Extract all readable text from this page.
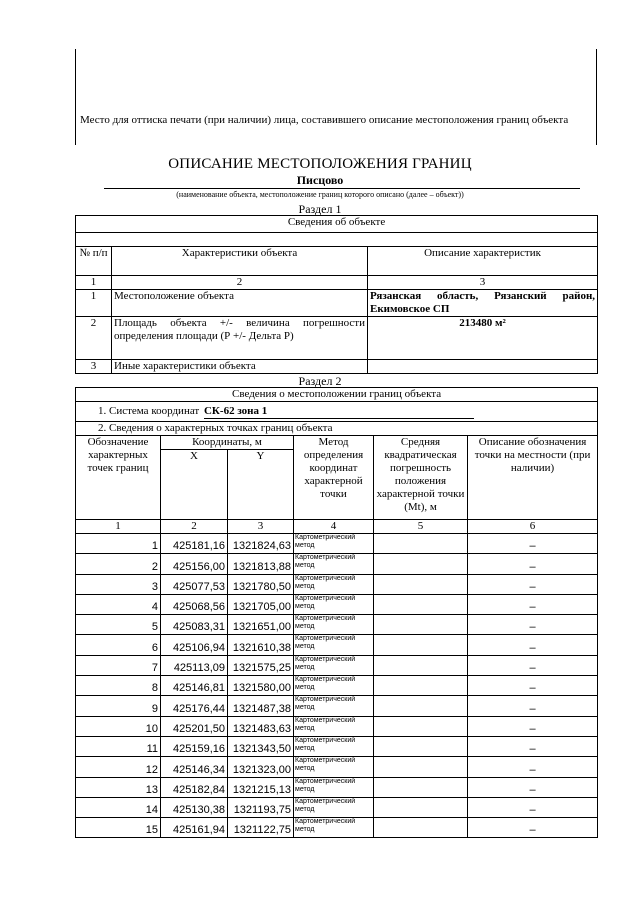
Место для оттиска печати (при наличии) лица, составившего описание местоположения границ объекта
ОПИСАНИЕ МЕСТОПОЛОЖЕНИЯ ГРАНИЦ
Писцово
(наименование объекта, местоположение границ которого описано (далее – объект))
Раздел 1
Сведения об объекте		

№ п/п	Характеристики объекта	Описание характеристик
1	2	3
1	Местоположение объекта	Рязанская область, Рязанский район, Екимовское СП
2	Площадь объекта +/- величина погрешности определения площади (Р +/- Дельта Р)	213480 м²
3	Иные характеристики объекта	
Раздел 2
Сведения о местоположении границ объекта					
1. Система координат СК-62 зона 1					
2. Сведения о характерных точках границ объекта					
Обозначение характерных точек границ	Координаты, м		Метод определения координат характерной точки	Средняя квадратическая погрешность положения характерной точки (Mt), м	Описание обозначения точки на местности (при наличии)
	X	Y			
1	2	3	4	5	6
1	425181,16	1321824,63	Картометрический метод		–
2	425156,00	1321813,88	Картометрический метод		–
3	425077,53	1321780,50	Картометрический метод		–
4	425068,56	1321705,00	Картометрический метод		–
5	425083,31	1321651,00	Картометрический метод		–
6	425106,94	1321610,38	Картометрический метод		–
7	425113,09	1321575,25	Картометрический метод		–
8	425146,81	1321580,00	Картометрический метод		–
9	425176,44	1321487,38	Картометрический метод		–
10	425201,50	1321483,63	Картометрический метод		–
11	425159,16	1321343,50	Картометрический метод		–
12	425146,34	1321323,00	Картометрический метод		–
13	425182,84	1321215,13	Картометрический метод		–
14	425130,38	1321193,75	Картометрический метод		–
15	425161,94	1321122,75	Картометрический метод		–
